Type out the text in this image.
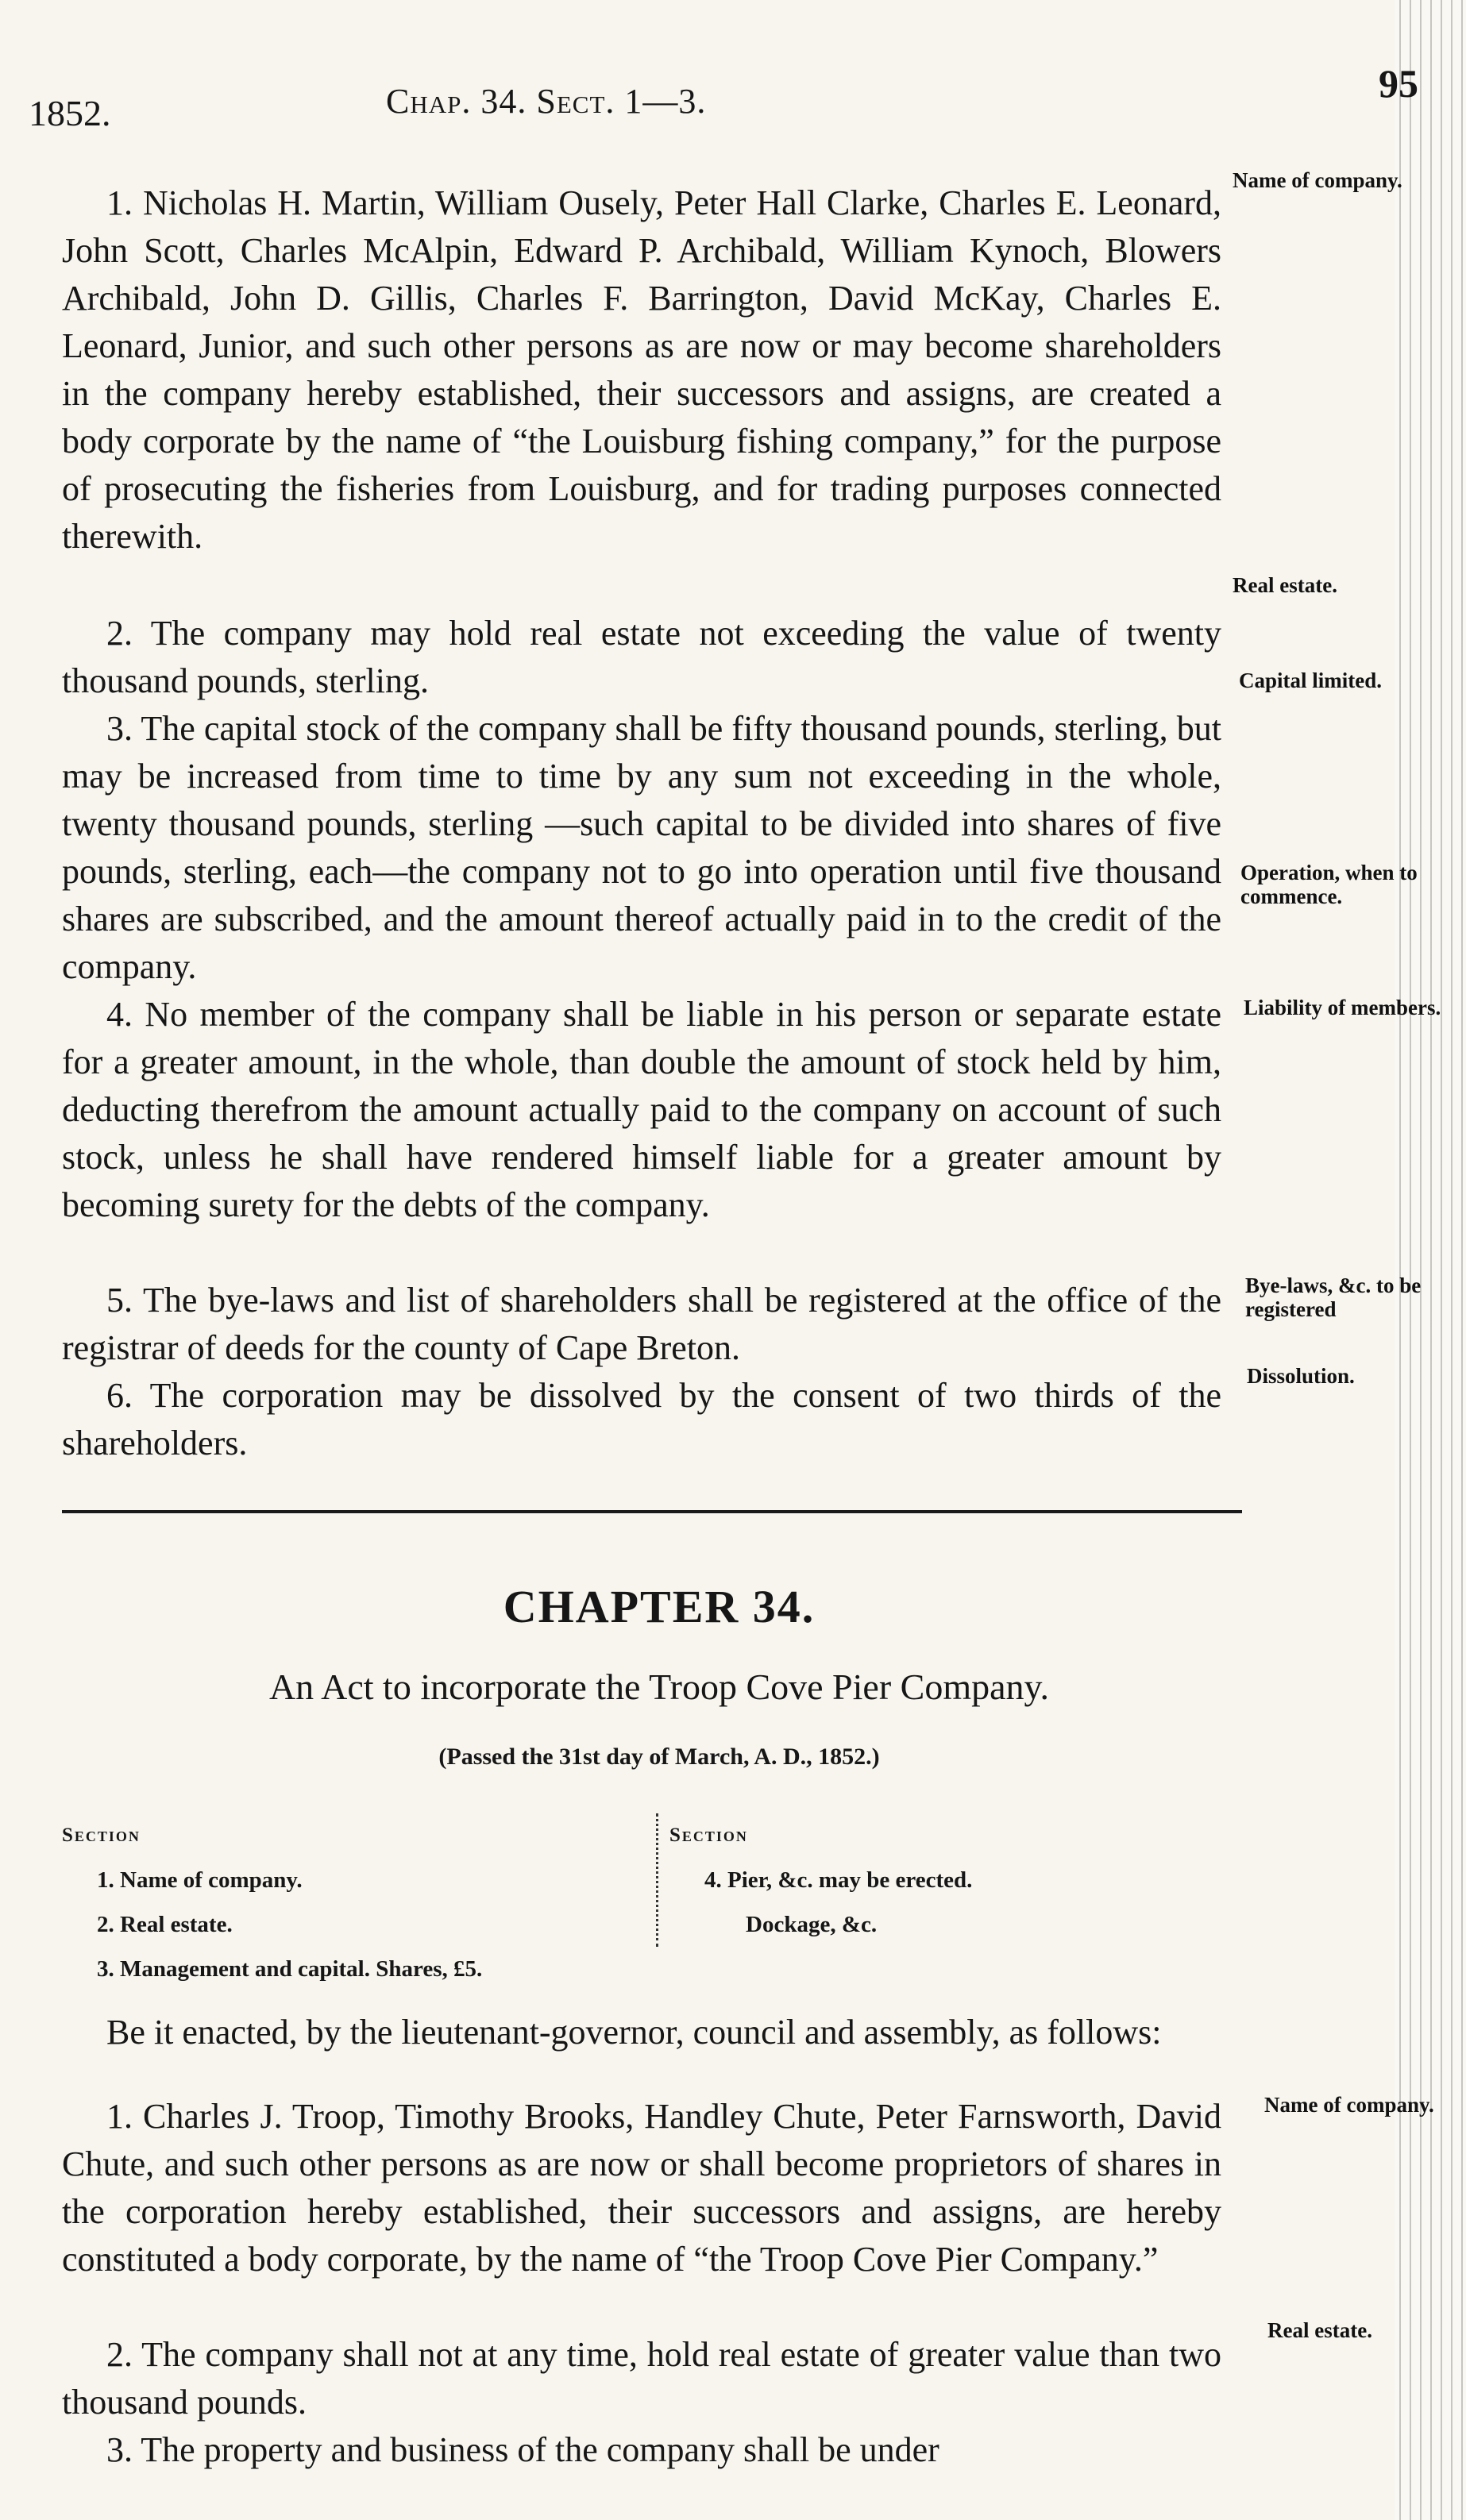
1852.	Chap. 34. Sect. 1—3.	95

1. Nicholas H. Martin, William Ousely, Peter Hall Clarke, Charles E. Leonard, John Scott, Charles McAlpin, Edward P. Archibald, William Kynoch, Blowers Archibald, John D. Gillis, Charles F. Barrington, David McKay, Charles E. Leonard, Junior, and such other persons as are now or may become shareholders in the company hereby established, their successors and assigns, are created a body corporate by the name of “the Louisburg fishing company,” for the purpose of prosecuting the fisheries from Louisburg, and for trading purposes connected therewith.

2. The company may hold real estate not exceeding the value of twenty thousand pounds, sterling.

3. The capital stock of the company shall be fifty thousand pounds, sterling, but may be increased from time to time by any sum not exceeding in the whole, twenty thousand pounds, sterling —such capital to be divided into shares of five pounds, sterling, each—the company not to go into operation until five thousand shares are subscribed, and the amount thereof actually paid in to the credit of the company.

4. No member of the company shall be liable in his person or separate estate for a greater amount, in the whole, than double the amount of stock held by him, deducting therefrom the amount actually paid to the company on account of such stock, unless he shall have rendered himself liable for a greater amount by becoming surety for the debts of the company.

5. The bye-laws and list of shareholders shall be registered at the office of the registrar of deeds for the county of Cape Breton.

6. The corporation may be dissolved by the consent of two thirds of the shareholders.

Name of company.
Real estate.
Capital limited.
Operation, when to commence.
Liability of members.
Bye-laws, &c. to be registered
Dissolution.
CHAPTER 34.
An Act to incorporate the Troop Cove Pier Company.
(Passed the 31st day of March, A. D., 1852.)
Section
1. Name of company.
2. Real estate.
3. Management and capital. Shares, £5.
Section
4. Pier, &c. may be erected.
Dockage, &c.

Be it enacted, by the lieutenant-governor, council and assembly, as follows:

1. Charles J. Troop, Timothy Brooks, Handley Chute, Peter Farnsworth, David Chute, and such other persons as are now or shall become proprietors of shares in the corporation hereby established, their successors and assigns, are hereby constituted a body corporate, by the name of “the Troop Cove Pier Company.”

2. The company shall not at any time, hold real estate of greater value than two thousand pounds.

3. The property and business of the company shall be under

Name of company.
Real estate.
